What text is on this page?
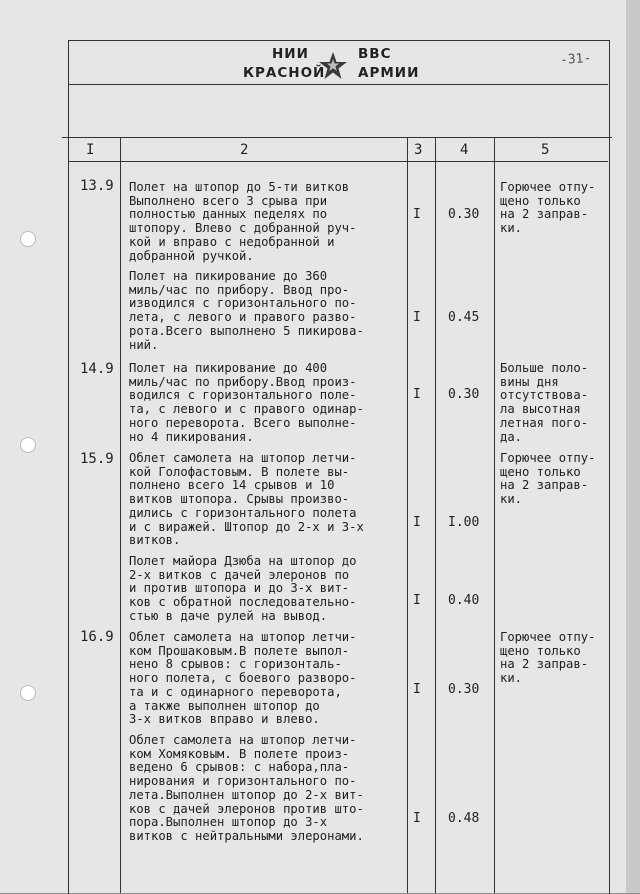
НИИ	ВВС
КРАСНОЙ АРМИИ
-31-
I	2	3	4	5
13.9 Полет на штопор до 5-ти витков
Выполнено всего 3 срыва при
полностью данных педелях по
штопору. Влево с добранной руч-
кой и вправо с недобранной и
добранной ручкой.
I 0.30
Горючее отпу-
щено только
на 2 заправ-
ки.
Полет на пикирование до 360
миль/час по прибору. Ввод про-
изводился с горизонтального по-
лета, с левого и правого разво-
рота.Всего выполнено 5 пикирова-
ний.
I 0.45
14.9 Полет на пикирование до 400
миль/час по прибору.Ввод произ-
водился с горизонтального поле-
та, с левого и с правого одинар-
ного переворота. Всего выполне-
но 4 пикирования.
I 0.30
Больше поло-
вины дня
отсутствова-
ла высотная
летная пого-
да.
15.9 Облет самолета на штопор летчи-
кой Голофастовым. В полете вы-
полнено всего 14 срывов и 10
витков штопора. Срывы произво-
дились с горизонтального полета
и с виражей. Штопор до 2-х и 3-х
витков.
I I.00
Горючее отпу-
щено только
на 2 заправ-
ки.
Полет майора Дзюба на штопор до
2-х витков с дачей элеронов по
и против штопора и до 3-х вит-
ков с обратной последовательно-
стью в даче рулей на вывод.
I 0.40
16.9 Облет самолета на штопор летчи-
ком Прошаковым.В полете выпол-
нено 8 срывов: с горизонталь-
ного полета, с боевого разворо-
та и с одинарного переворота,
а также выполнен штопор до
3-х витков вправо и влево.
I 0.30
Горючее отпу-
щено только
на 2 заправ-
ки.
Облет самолета на штопор летчи-
ком Хомяковым. В полете произ-
ведено 6 срывов: с набора,пла-
нирования и горизонтального по-
лета.Выполнен штопор до 2-х вит-
ков с дачей элеронов против што-
пора.Выполнен штопор до 3-х
витков с нейтральными элеронами.
I 0.48
